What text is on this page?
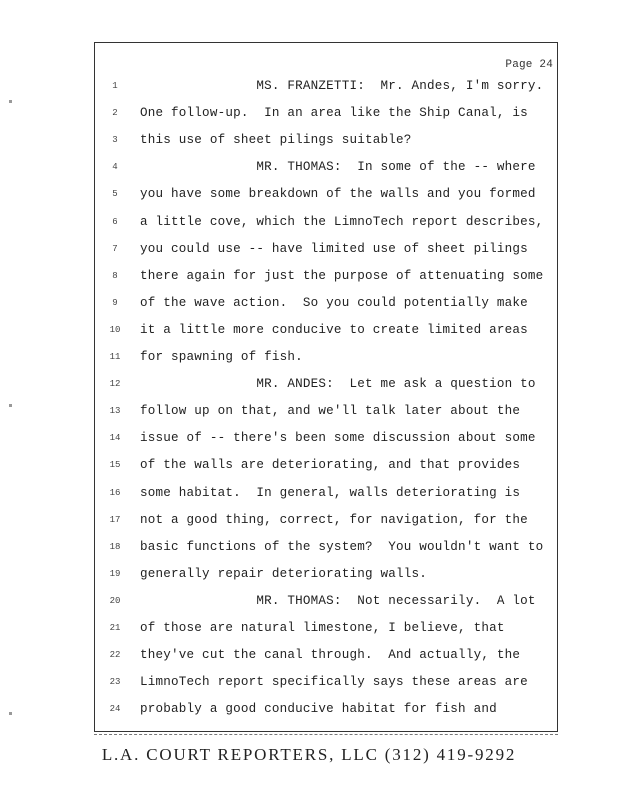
Page 24
1	MS. FRANZETTI:  Mr. Andes, I'm sorry.
2	One follow-up.  In an area like the Ship Canal, is
3	this use of sheet pilings suitable?
4	MR. THOMAS:  In some of the -- where
5	you have some breakdown of the walls and you formed
6	a little cove, which the LimnoTech report describes,
7	you could use -- have limited use of sheet pilings
8	there again for just the purpose of attenuating some
9	of the wave action.  So you could potentially make
10 it a little more conducive to create limited areas
11 for spawning of fish.
12 MR. ANDES:  Let me ask a question to
13 follow up on that, and we'll talk later about the
14 issue of -- there's been some discussion about some
15 of the walls are deteriorating, and that provides
16 some habitat.  In general, walls deteriorating is
17 not a good thing, correct, for navigation, for the
18 basic functions of the system?  You wouldn't want to
19 generally repair deteriorating walls.
20 MR. THOMAS:  Not necessarily.  A lot
21 of those are natural limestone, I believe, that
22 they've cut the canal through.  And actually, the
23 LimnoTech report specifically says these areas are
24 probably a good conducive habitat for fish and
L.A. COURT REPORTERS, LLC (312) 419-9292
